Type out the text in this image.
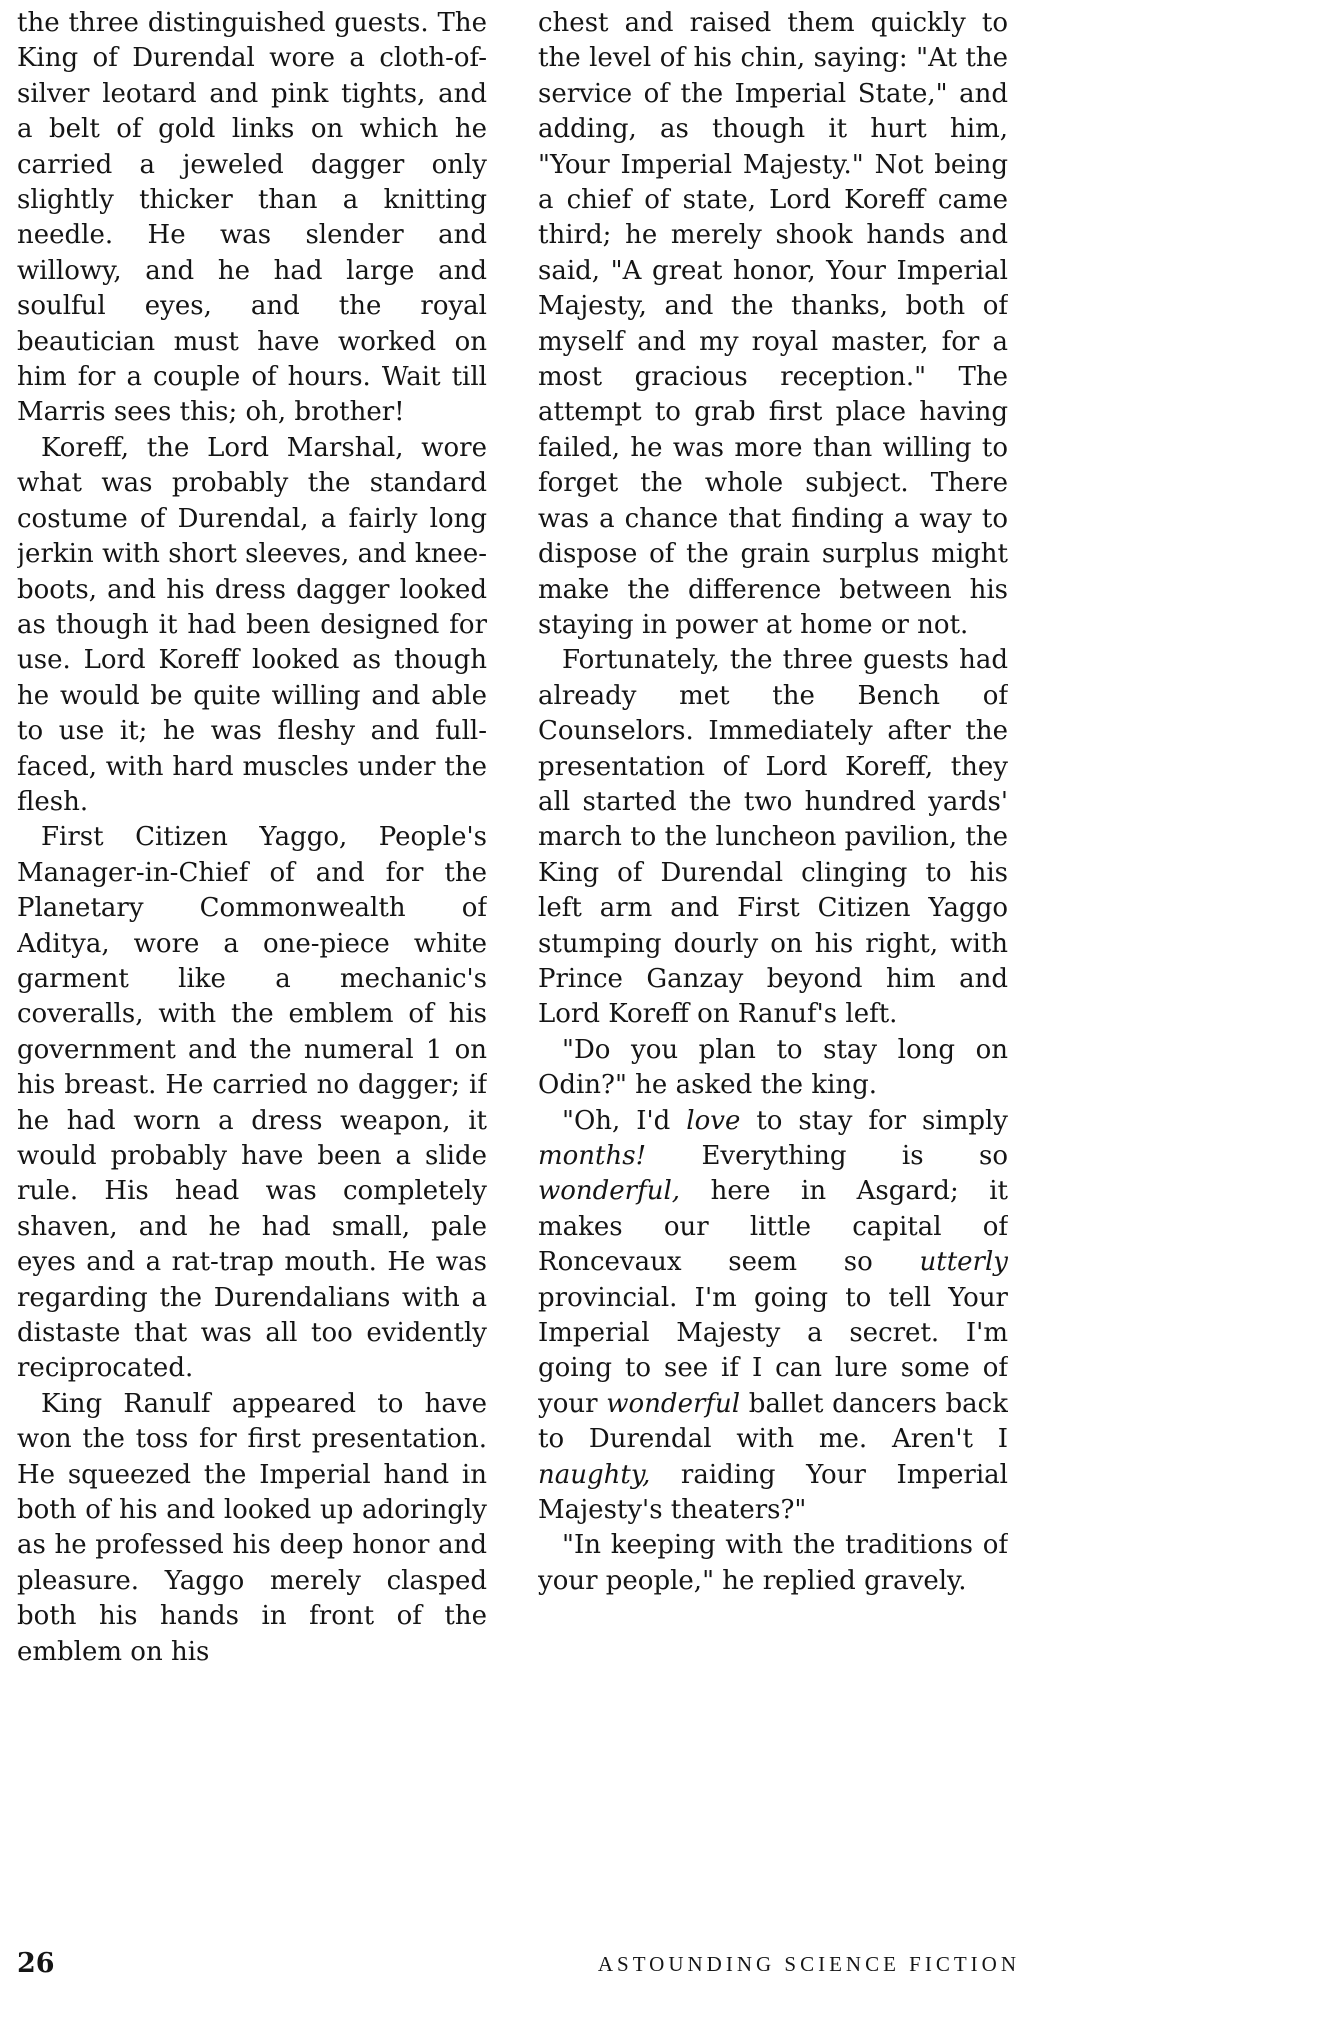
the three distinguished guests. The King of Durendal wore a cloth-of-silver leotard and pink tights, and a belt of gold links on which he carried a jeweled dagger only slightly thicker than a knitting needle. He was slender and willowy, and he had large and soulful eyes, and the royal beautician must have worked on him for a couple of hours. Wait till Marris sees this; oh, brother!

Koreff, the Lord Marshal, wore what was probably the standard costume of Durendal, a fairly long jerkin with short sleeves, and knee-boots, and his dress dagger looked as though it had been designed for use. Lord Koreff looked as though he would be quite willing and able to use it; he was fleshy and full-faced, with hard muscles under the flesh.

First Citizen Yaggo, People's Manager-in-Chief of and for the Planetary Commonwealth of Aditya, wore a one-piece white garment like a mechanic's coveralls, with the emblem of his government and the numeral 1 on his breast. He carried no dagger; if he had worn a dress weapon, it would probably have been a slide rule. His head was completely shaven, and he had small, pale eyes and a rat-trap mouth. He was regarding the Durendalians with a distaste that was all too evidently reciprocated.

King Ranulf appeared to have won the toss for first presentation. He squeezed the Imperial hand in both of his and looked up adoringly as he professed his deep honor and pleasure. Yaggo merely clasped both his hands in front of the emblem on his

chest and raised them quickly to the level of his chin, saying: "At the service of the Imperial State," and adding, as though it hurt him, "Your Imperial Majesty." Not being a chief of state, Lord Koreff came third; he merely shook hands and said, "A great honor, Your Imperial Majesty, and the thanks, both of myself and my royal master, for a most gracious reception." The attempt to grab first place having failed, he was more than willing to forget the whole subject. There was a chance that finding a way to dispose of the grain surplus might make the difference between his staying in power at home or not.

Fortunately, the three guests had already met the Bench of Counselors. Immediately after the presentation of Lord Koreff, they all started the two hundred yards' march to the luncheon pavilion, the King of Durendal clinging to his left arm and First Citizen Yaggo stumping dourly on his right, with Prince Ganzay beyond him and Lord Koreff on Ranuf's left.

"Do you plan to stay long on Odin?" he asked the king.

"Oh, I'd love to stay for simply months! Everything is so wonderful, here in Asgard; it makes our little capital of Roncevaux seem so utterly provincial. I'm going to tell Your Imperial Majesty a secret. I'm going to see if I can lure some of your wonderful ballet dancers back to Durendal with me. Aren't I naughty, raiding Your Imperial Majesty's theaters?"

"In keeping with the traditions of your people," he replied gravely.

26	ASTOUNDING SCIENCE FICTION
